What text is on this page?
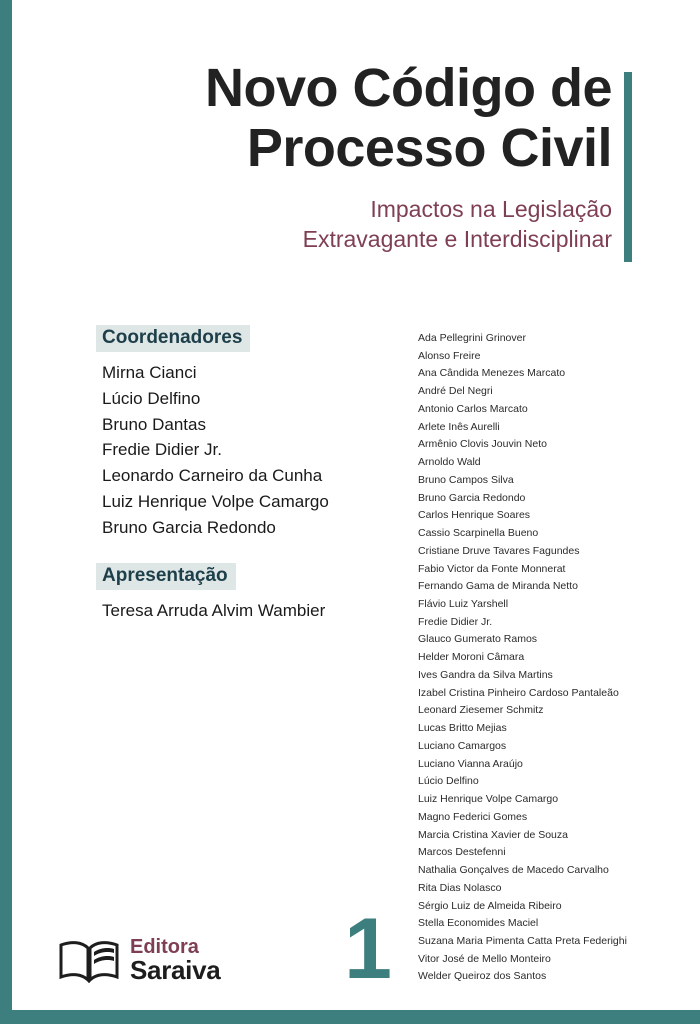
Novo Código de
Processo Civil
Impactos na Legislação
Extravagante e Interdisciplinar
Coordenadores
Mirna Cianci
Lúcio Delfino
Bruno Dantas
Fredie Didier Jr.
Leonardo Carneiro da Cunha
Luiz Henrique Volpe Camargo
Bruno Garcia Redondo
Apresentação
Teresa Arruda Alvim Wambier
Ada Pellegrini Grinover
Alonso Freire
Ana Cândida Menezes Marcato
André Del Negri
Antonio Carlos Marcato
Arlete Inês Aurelli
Armênio Clovis Jouvin Neto
Arnoldo Wald
Bruno Campos Silva
Bruno Garcia Redondo
Carlos Henrique Soares
Cassio Scarpinella Bueno
Cristiane Druve Tavares Fagundes
Fabio Victor da Fonte Monnerat
Fernando Gama de Miranda Netto
Flávio Luiz Yarshell
Fredie Didier Jr.
Glauco Gumerato Ramos
Helder Moroni Câmara
Ives Gandra da Silva Martins
Izabel Cristina Pinheiro Cardoso Pantaleão
Leonard Ziesemer Schmitz
Lucas Britto Mejias
Luciano Camargos
Luciano Vianna Araújo
Lúcio Delfino
Luiz Henrique Volpe Camargo
Magno Federici Gomes
Marcia Cristina Xavier de Souza
Marcos Destefenni
Nathalia Gonçalves de Macedo Carvalho
Rita Dias Nolasco
Sérgio Luiz de Almeida Ribeiro
Stella Economides Maciel
Suzana Maria Pimenta Catta Preta Federighi
Vitor José de Mello Monteiro
Welder Queiroz dos Santos
1
Editora
Saraiva
